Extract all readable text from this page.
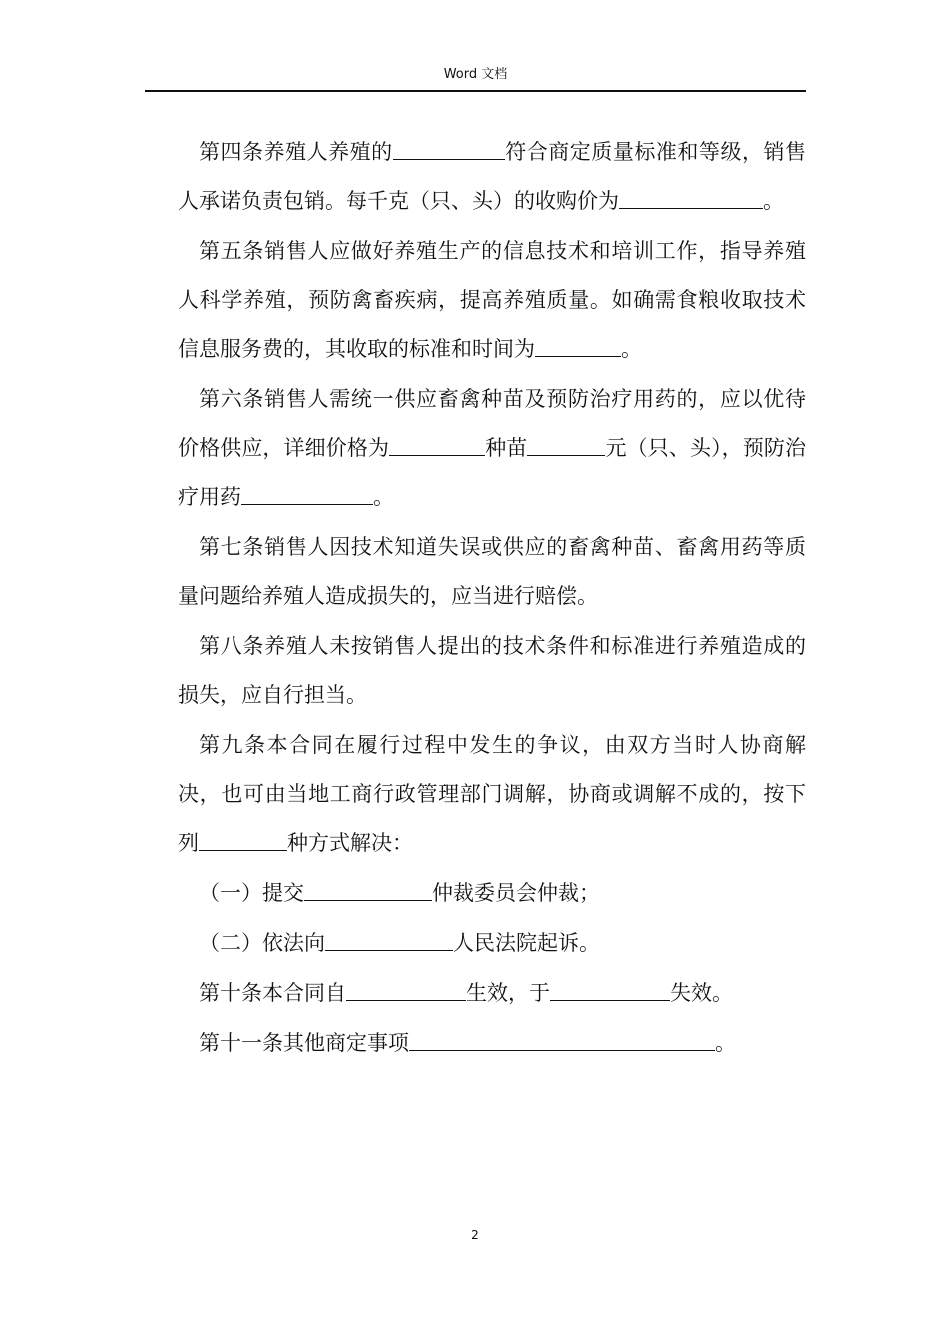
Word 文档

第四条养殖人养殖的	符合商定质量标准和等级，销售人承诺负责包销。每千克（只、头）的收购价为	。

第五条销售人应做好养殖生产的信息技术和培训工作，指导养殖人科学养殖，预防禽畜疾病，提高养殖质量。如确需食粮收取技术信息服务费的，其收取的标准和时间为	。

第六条销售人需统一供应畜禽种苗及预防治疗用药的，应以优待价格供应，详细价格为	种苗	元（只、头），预防治疗用药	。

第七条销售人因技术知道失误或供应的畜禽种苗、畜禽用药等质量问题给养殖人造成损失的，应当进行赔偿。

第八条养殖人未按销售人提出的技术条件和标准进行养殖造成的损失，应自行担当。

第九条本合同在履行过程中发生的争议，由双方当时人协商解决，也可由当地工商行政管理部门调解，协商或调解不成的，按下列	种方式解决：

（一）提交	仲裁委员会仲裁；

（二）依法向	人民法院起诉。

第十条本合同自	生效，于	失效。

第十一条其他商定事项	。

2
